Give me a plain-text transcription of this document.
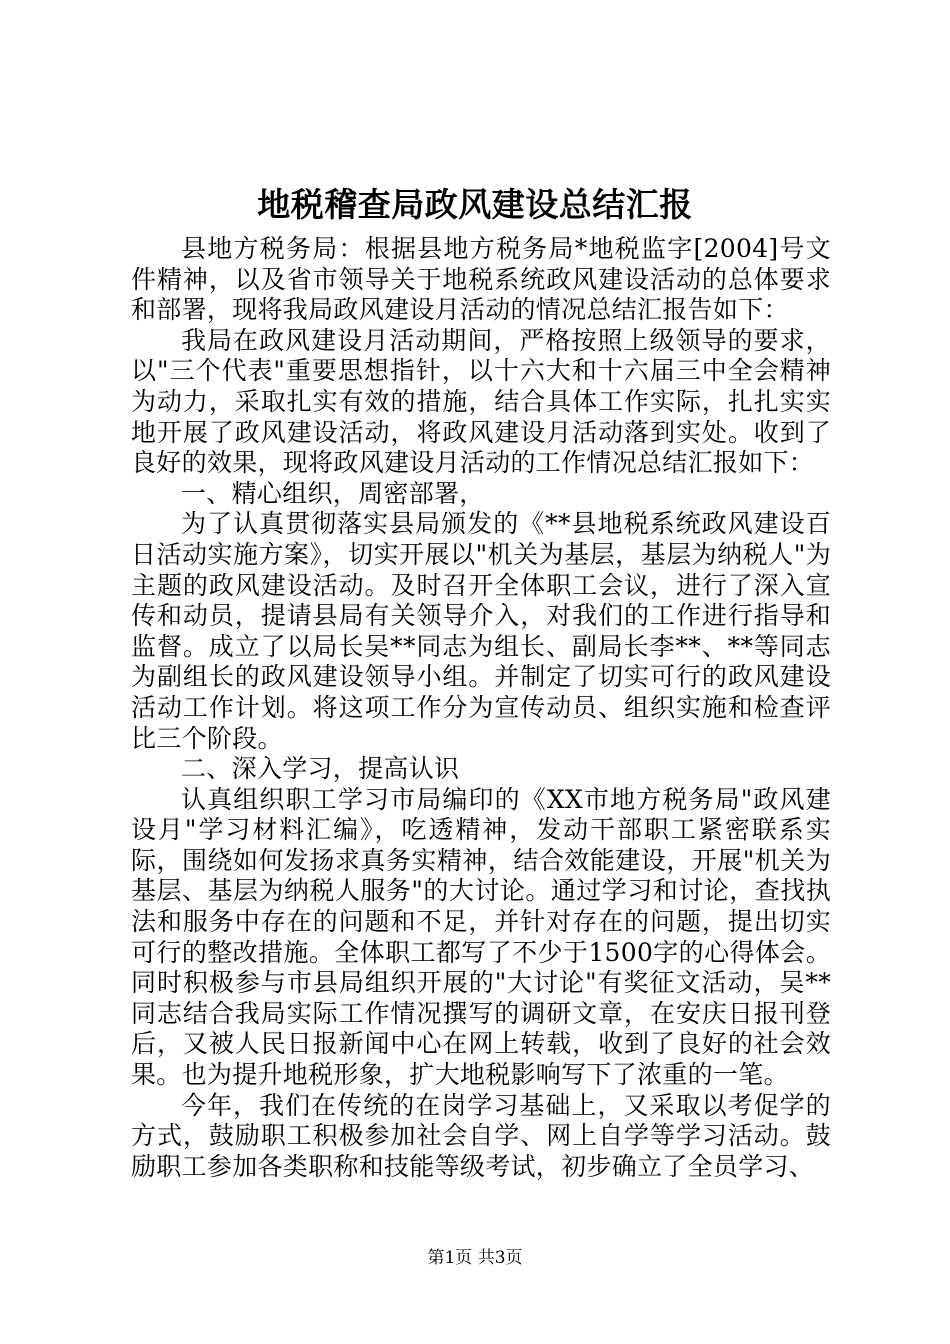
地税稽查局政风建设总结汇报

县地方税务局：根据县地方税务局*地税监字[2004]号文件精神，以及省市领导关于地税系统政风建设活动的总体要求和部署，现将我局政风建设月活动的情况总结汇报告如下：

我局在政风建设月活动期间，严格按照上级领导的要求，以"三个代表"重要思想指针，以十六大和十六届三中全会精神为动力，采取扎实有效的措施，结合具体工作实际，扎扎实实地开展了政风建设活动，将政风建设月活动落到实处。收到了良好的效果，现将政风建设月活动的工作情况总结汇报如下：

一、精心组织，周密部署，

为了认真贯彻落实县局颁发的《**县地税系统政风建设百日活动实施方案》，切实开展以"机关为基层，基层为纳税人"为主题的政风建设活动。及时召开全体职工会议，进行了深入宣传和动员，提请县局有关领导介入，对我们的工作进行指导和监督。成立了以局长吴**同志为组长、副局长李**、**等同志为副组长的政风建设领导小组。并制定了切实可行的政风建设活动工作计划。将这项工作分为宣传动员、组织实施和检查评比三个阶段。

二、深入学习，提高认识

认真组织职工学习市局编印的《XX市地方税务局"政风建设月"学习材料汇编》，吃透精神，发动干部职工紧密联系实际，围绕如何发扬求真务实精神，结合效能建设，开展"机关为基层、基层为纳税人服务"的大讨论。通过学习和讨论，查找执法和服务中存在的问题和不足，并针对存在的问题，提出切实可行的整改措施。全体职工都写了不少于1500字的心得体会。同时积极参与市县局组织开展的"大讨论"有奖征文活动，吴**同志结合我局实际工作情况撰写的调研文章，在安庆日报刊登后，又被人民日报新闻中心在网上转载，收到了良好的社会效果。也为提升地税形象，扩大地税影响写下了浓重的一笔。

今年，我们在传统的在岗学习基础上，又采取以考促学的方式，鼓励职工积极参加社会自学、网上自学等学习活动。鼓励职工参加各类职称和技能等级考试，初步确立了全员学习、

第1页 共3页
